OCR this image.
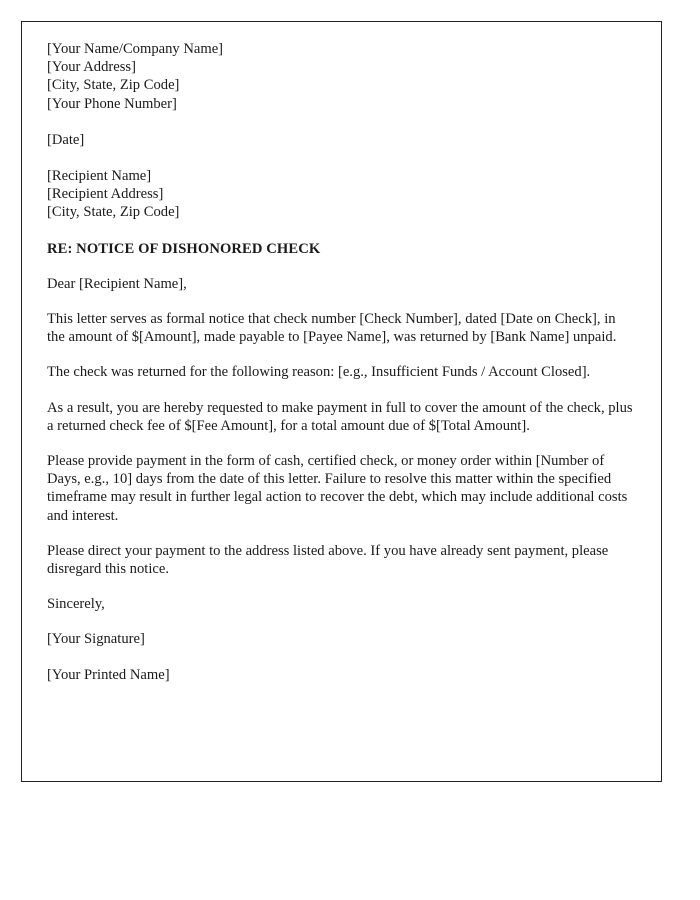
[Your Name/Company Name]
[Your Address]
[City, State, Zip Code]
[Your Phone Number]
[Date]
[Recipient Name]
[Recipient Address]
[City, State, Zip Code]
RE: NOTICE OF DISHONORED CHECK
Dear [Recipient Name],

This letter serves as formal notice that check number [Check Number], dated [Date on Check], in the amount of $[Amount], made payable to [Payee Name], was returned by [Bank Name] unpaid.

The check was returned for the following reason: [e.g., Insufficient Funds / Account Closed].

As a result, you are hereby requested to make payment in full to cover the amount of the check, plus a returned check fee of $[Fee Amount], for a total amount due of $[Total Amount].

Please provide payment in the form of cash, certified check, or money order within [Number of Days, e.g., 10] days from the date of this letter. Failure to resolve this matter within the specified timeframe may result in further legal action to recover the debt, which may include additional costs and interest.

Please direct your payment to the address listed above. If you have already sent payment, please disregard this notice.

Sincerely,
[Your Signature]
[Your Printed Name]
